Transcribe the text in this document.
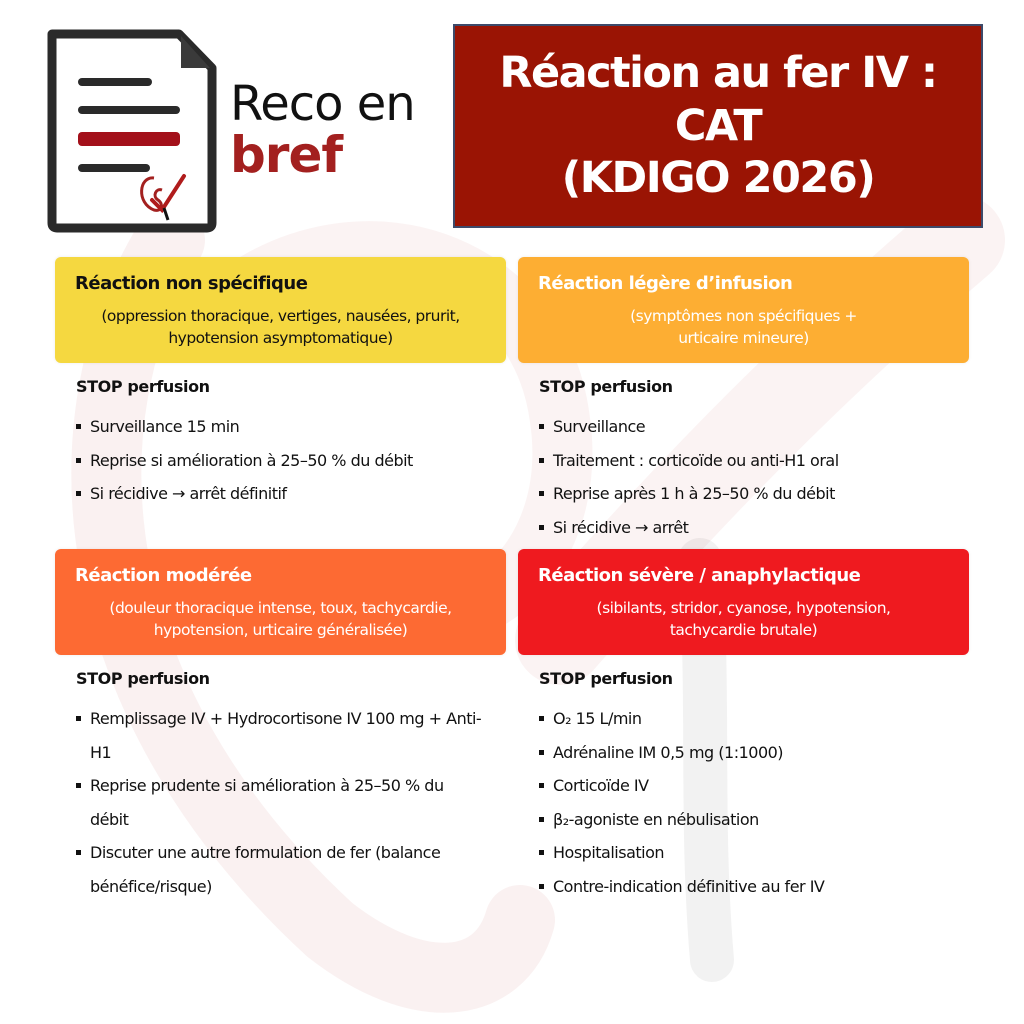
Reco en
bref
Réaction au fer IV : CAT
(KDIGO 2026)
Réaction non spécifique
(oppression thoracique, vertiges, nausées, prurit,
hypotension asymptomatique)
STOP perfusion
Surveillance 15 min
Reprise si amélioration à 25–50 % du débit
Si récidive → arrêt définitif
Réaction légère d’infusion
(symptômes non spécifiques +
urticaire mineure)
STOP perfusion
Surveillance
Traitement : corticoïde ou anti-H1 oral
Reprise après 1 h à 25–50 % du débit
Si récidive → arrêt
Réaction modérée
(douleur thoracique intense, toux, tachycardie,
hypotension, urticaire généralisée)
STOP perfusion
Remplissage IV + Hydrocortisone IV 100 mg + Anti-H1
Reprise prudente si amélioration à 25–50 % du débit
Discuter une autre formulation de fer (balance bénéfice/risque)
Réaction sévère / anaphylactique
(sibilants, stridor, cyanose, hypotension,
tachycardie brutale)
STOP perfusion
O₂ 15 L/min
Adrénaline IM 0,5 mg (1:1000)
Corticoïde IV
β₂-agoniste en nébulisation
Hospitalisation
Contre-indication définitive au fer IV
